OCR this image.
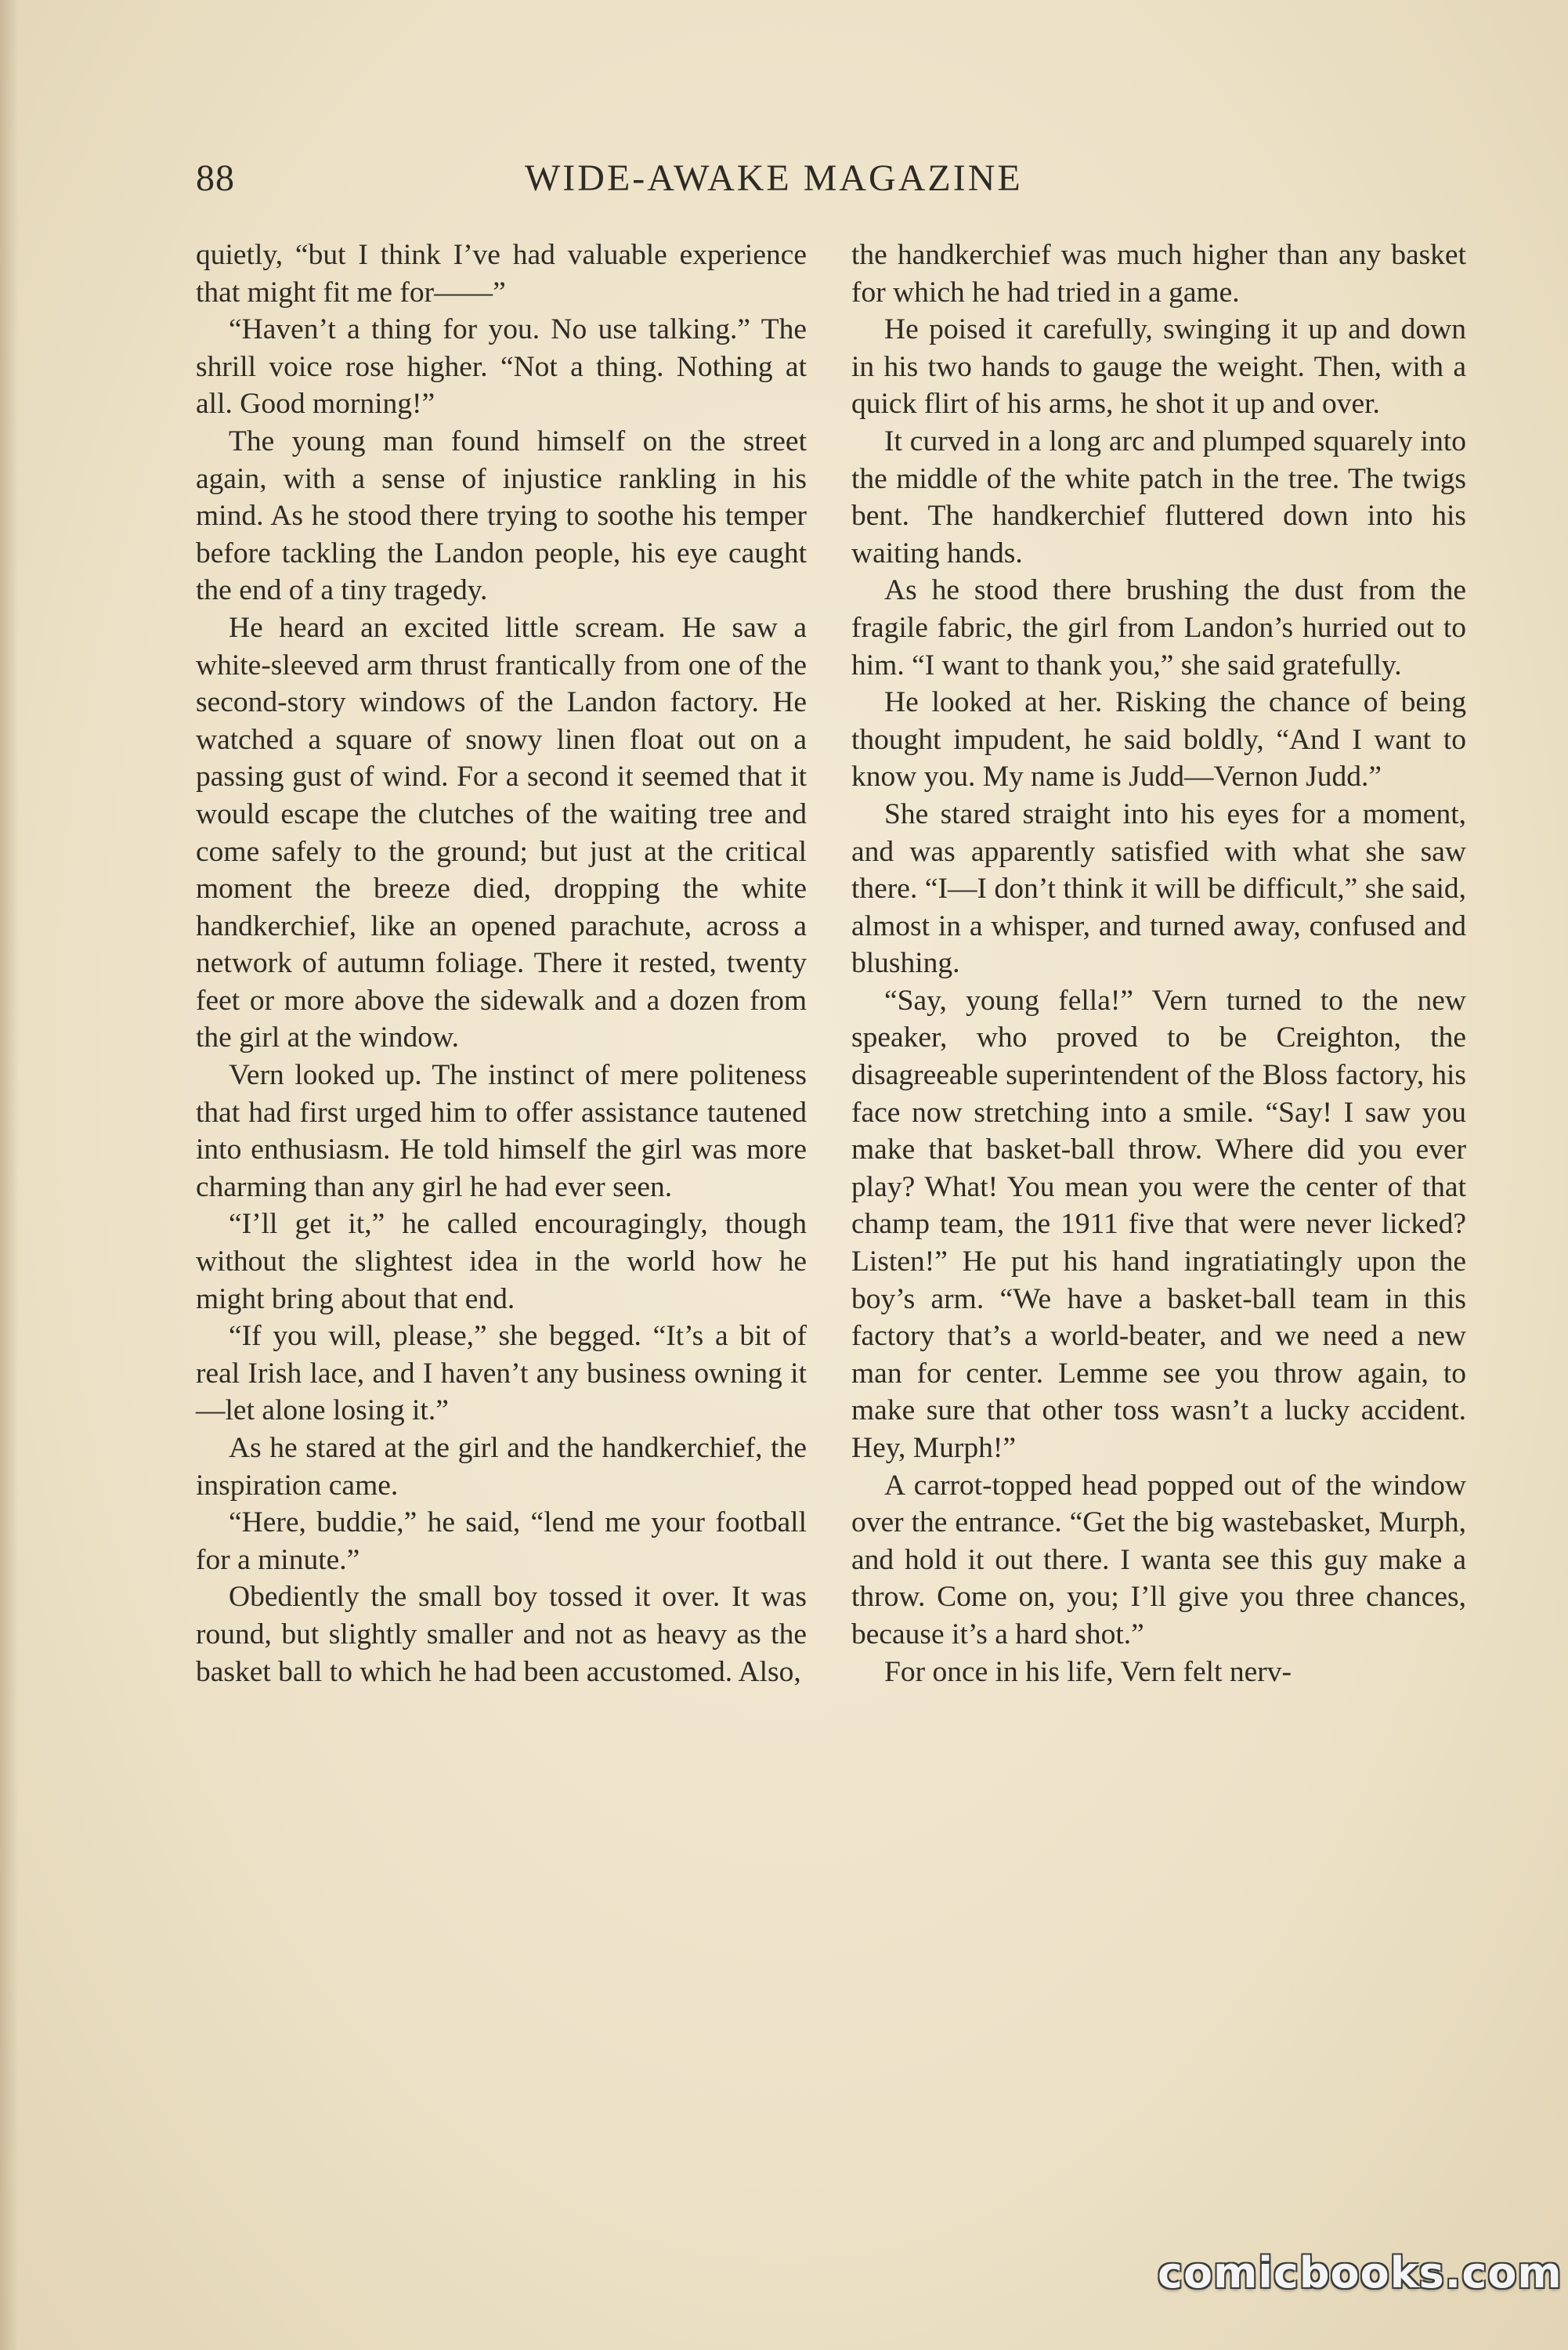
88	WIDE-AWAKE MAGAZINE

quietly, “but I think I’ve had valuable experience that might fit me for——”

“Haven’t a thing for you. No use talking.” The shrill voice rose higher. “Not a thing. Nothing at all. Good morning!”

The young man found himself on the street again, with a sense of injustice rankling in his mind. As he stood there trying to soothe his temper before tackling the Landon people, his eye caught the end of a tiny tragedy.

He heard an excited little scream. He saw a white-sleeved arm thrust frantically from one of the second-story windows of the Landon factory. He watched a square of snowy linen float out on a passing gust of wind. For a second it seemed that it would escape the clutches of the waiting tree and come safely to the ground; but just at the critical moment the breeze died, dropping the white handkerchief, like an opened parachute, across a network of autumn foliage. There it rested, twenty feet or more above the sidewalk and a dozen from the girl at the window.

Vern looked up. The instinct of mere politeness that had first urged him to offer assistance tautened into enthusiasm. He told himself the girl was more charming than any girl he had ever seen.

“I’ll get it,” he called encouragingly, though without the slightest idea in the world how he might bring about that end.

“If you will, please,” she begged. “It’s a bit of real Irish lace, and I haven’t any business owning it—let alone losing it.”

As he stared at the girl and the handkerchief, the inspiration came.

“Here, buddie,” he said, “lend me your football for a minute.”

Obediently the small boy tossed it over. It was round, but slightly smaller and not as heavy as the basket ball to which he had been accustomed. Also,

the handkerchief was much higher than any basket for which he had tried in a game.

He poised it carefully, swinging it up and down in his two hands to gauge the weight. Then, with a quick flirt of his arms, he shot it up and over.

It curved in a long arc and plumped squarely into the middle of the white patch in the tree. The twigs bent. The handkerchief fluttered down into his waiting hands.

As he stood there brushing the dust from the fragile fabric, the girl from Landon’s hurried out to him. “I want to thank you,” she said gratefully.

He looked at her. Risking the chance of being thought impudent, he said boldly, “And I want to know you. My name is Judd—Vernon Judd.”

She stared straight into his eyes for a moment, and was apparently satisfied with what she saw there. “I—I don’t think it will be difficult,” she said, almost in a whisper, and turned away, confused and blushing.

“Say, young fella!” Vern turned to the new speaker, who proved to be Creighton, the disagreeable superintendent of the Bloss factory, his face now stretching into a smile. “Say! I saw you make that basket-ball throw. Where did you ever play? What! You mean you were the center of that champ team, the 1911 five that were never licked? Listen!” He put his hand ingratiatingly upon the boy’s arm. “We have a basket-ball team in this factory that’s a world-beater, and we need a new man for center. Lemme see you throw again, to make sure that other toss wasn’t a lucky accident. Hey, Murph!”

A carrot-topped head popped out of the window over the entrance. “Get the big wastebasket, Murph, and hold it out there. I wanta see this guy make a throw. Come on, you; I’ll give you three chances, because it’s a hard shot.”

For once in his life, Vern felt nerv-

comicbooks.com
